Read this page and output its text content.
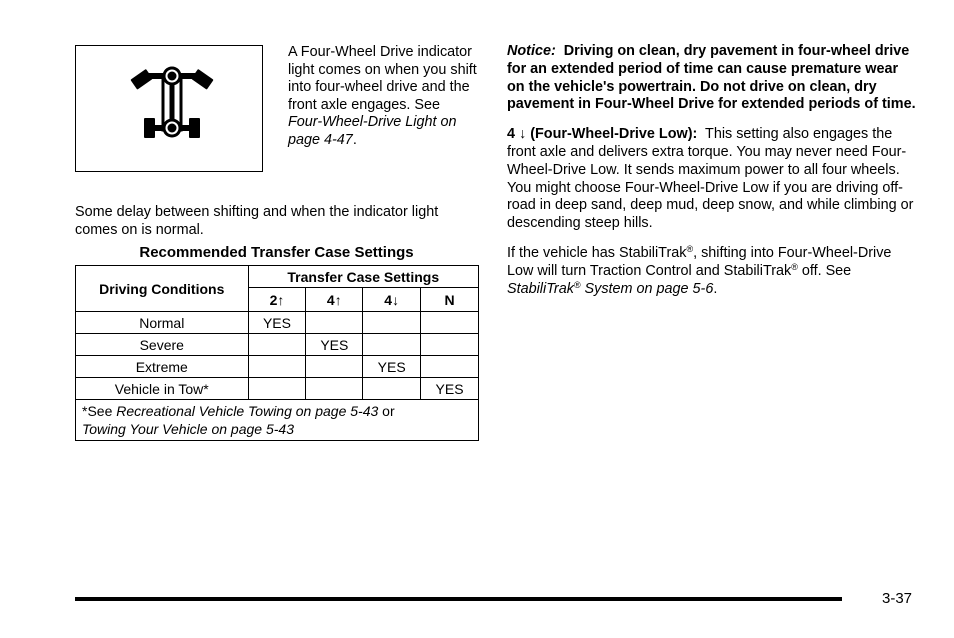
A Four-Wheel Drive indicator light comes on when you shift into four-wheel drive and the front axle engages. See Four-Wheel-Drive Light on page 4-47.

Some delay between shifting and when the indicator light comes on is normal.

Recommended Transfer Case Settings
Driving Conditions	Transfer Case Settings			
	2↑	4↑	4↓	N
Normal	YES			
Severe		YES		
Extreme			YES	
Vehicle in Tow*				YES
*See Recreational Vehicle Towing on page 5-43 or
Towing Your Vehicle on page 5-43				

Notice: Driving on clean, dry pavement in four-wheel drive for an extended period of time can cause premature wear on the vehicle's powertrain. Do not drive on clean, dry pavement in Four-Wheel Drive for extended periods of time.

4 ↓ (Four-Wheel-Drive Low): This setting also engages the front axle and delivers extra torque. You may never need Four-Wheel-Drive Low. It sends maximum power to all four wheels. You might choose Four-Wheel-Drive Low if you are driving off-road in deep sand, deep mud, deep snow, and while climbing or descending steep hills.

If the vehicle has StabiliTrak®, shifting into Four-Wheel-Drive Low will turn Traction Control and StabiliTrak® off. See StabiliTrak® System on page 5-6.

3-37
